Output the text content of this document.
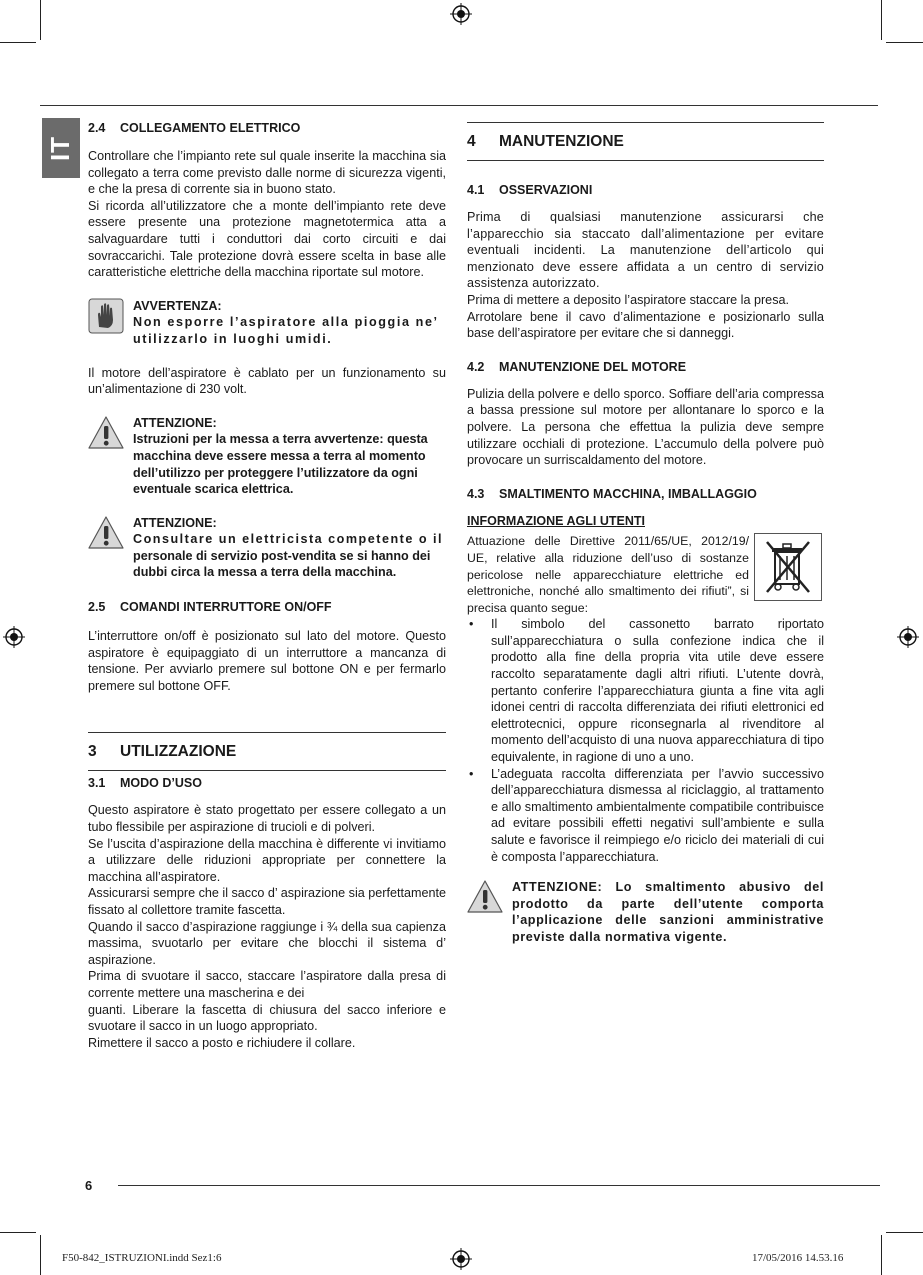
IT
2.4 COLLEGAMENTO ELETTRICO

Controllare che l’impianto rete sul quale inserite la macchina sia collegato a terra come previsto dalle norme di sicurezza vigenti, e che la presa di corrente sia in buono stato.

Si ricorda all’utilizzatore che a monte dell’impianto rete deve essere presente una protezione magnetotermica atta a salvaguardare tutti i conduttori dai corto circuiti e dai sovraccarichi. Tale protezione dovrà essere scelta in base alle caratteristiche elettriche della macchina riportate sul motore.

AVVERTENZA:

Non esporre l’aspiratore alla pioggia ne’ utilizzarlo in luoghi umidi.

Il motore dell’aspiratore è cablato per un funzionamento su un’alimentazione di 230 volt.

ATTENZIONE:

Istruzioni per la messa a terra avvertenze: questa macchina deve essere messa a terra al momento dell’utilizzo per proteggere l’utilizzatore da ogni eventuale scarica elettrica.

ATTENZIONE:

Consultare un elettricista competente o il

personale di servizio post-vendita se si hanno dei dubbi circa la messa a terra della macchina.

2.5 COMANDI INTERRUTTORE ON/OFF

L’interruttore on/off è posizionato sul lato del motore. Questo aspiratore è equipaggiato di un interruttore a mancanza di tensione. Per avviarlo premere sul bottone ON e per fermarlo premere sul bottone OFF.

3 UTILIZZAZIONE
3.1 MODO D’USO

Questo aspiratore è stato progettato per essere collegato a un tubo flessibile per aspirazione di trucioli e di polveri.

Se l’uscita d’aspirazione della macchina è differente vi invitiamo a utilizzare delle riduzioni appropriate per connettere la macchina all’aspiratore.

Assicurarsi sempre che il sacco d’ aspirazione sia perfettamente fissato al collettore tramite fascetta.

Quando il sacco d’aspirazione raggiunge i ¾ della sua capienza massima, svuotarlo per evitare che blocchi il sistema d’ aspirazione.

Prima di svuotare il sacco, staccare l’aspiratore dalla presa di corrente mettere una mascherina e dei

guanti. Liberare la fascetta di chiusura del sacco inferiore e svuotare il sacco in un luogo appropriato.

Rimettere il sacco a posto e richiudere il collare.

4 MANUTENZIONE
4.1 OSSERVAZIONI

Prima di qualsiasi manutenzione assicurarsi che l’apparecchio sia staccato dall’alimentazione per evitare eventuali incidenti. La manutenzione dell’articolo qui menzionato deve essere affidata a un centro di servizio assistenza autorizzato.

Prima di mettere a deposito l’aspiratore staccare la presa.

Arrotolare bene il cavo d’alimentazione e posizionarlo sulla base dell’aspiratore per evitare che si danneggi.

4.2 MANUTENZIONE DEL MOTORE

Pulizia della polvere e dello sporco. Soffiare dell’aria compressa a bassa pressione sul motore per allontanare lo sporco e la polvere. La persona che effettua la pulizia deve sempre utilizzare occhiali di protezione. L’accumulo della polvere può provocare un surriscaldamento del motore.

4.3 SMALTIMENTO MACCHINA, IMBALLAGGIO

INFORMAZIONE AGLI UTENTI

Attuazione delle Direttive 2011/65/UE, 2012/19/ UE, relative alla riduzione dell’uso di sostanze pericolose nelle apparecchiature elettriche ed elettroniche, nonché allo smaltimento dei rifiuti”, si precisa quanto segue:

• Il simbolo del cassonetto barrato riportato sull’apparecchiatura o sulla confezione indica che il prodotto alla fine della propria vita utile deve essere raccolto separatamente dagli altri rifiuti. L’utente dovrà, pertanto conferire l’apparecchiatura giunta a fine vita agli idonei centri di raccolta differenziata dei rifiuti elettronici ed elettrotecnici, oppure riconsegnarla al rivenditore al momento dell’acquisto di una nuova apparecchiatura di tipo equivalente, in ragione di uno a uno.
• L’adeguata raccolta differenziata per l’avvio successivo dell’apparecchiatura dismessa al riciclaggio, al trattamento e allo smaltimento ambientalmente compatibile contribuisce ad evitare possibili effetti negativi sull’ambiente e sulla salute e favorisce il reimpiego e/o riciclo dei materiali di cui è composta l’apparecchiatura.

ATTENZIONE: Lo smaltimento abusivo del prodotto da parte dell’utente comporta l’applicazione delle sanzioni amministrative previste dalla normativa vigente.

6
F50-842_ISTRUZIONI.indd Sez1:6	17/05/2016 14.53.16
